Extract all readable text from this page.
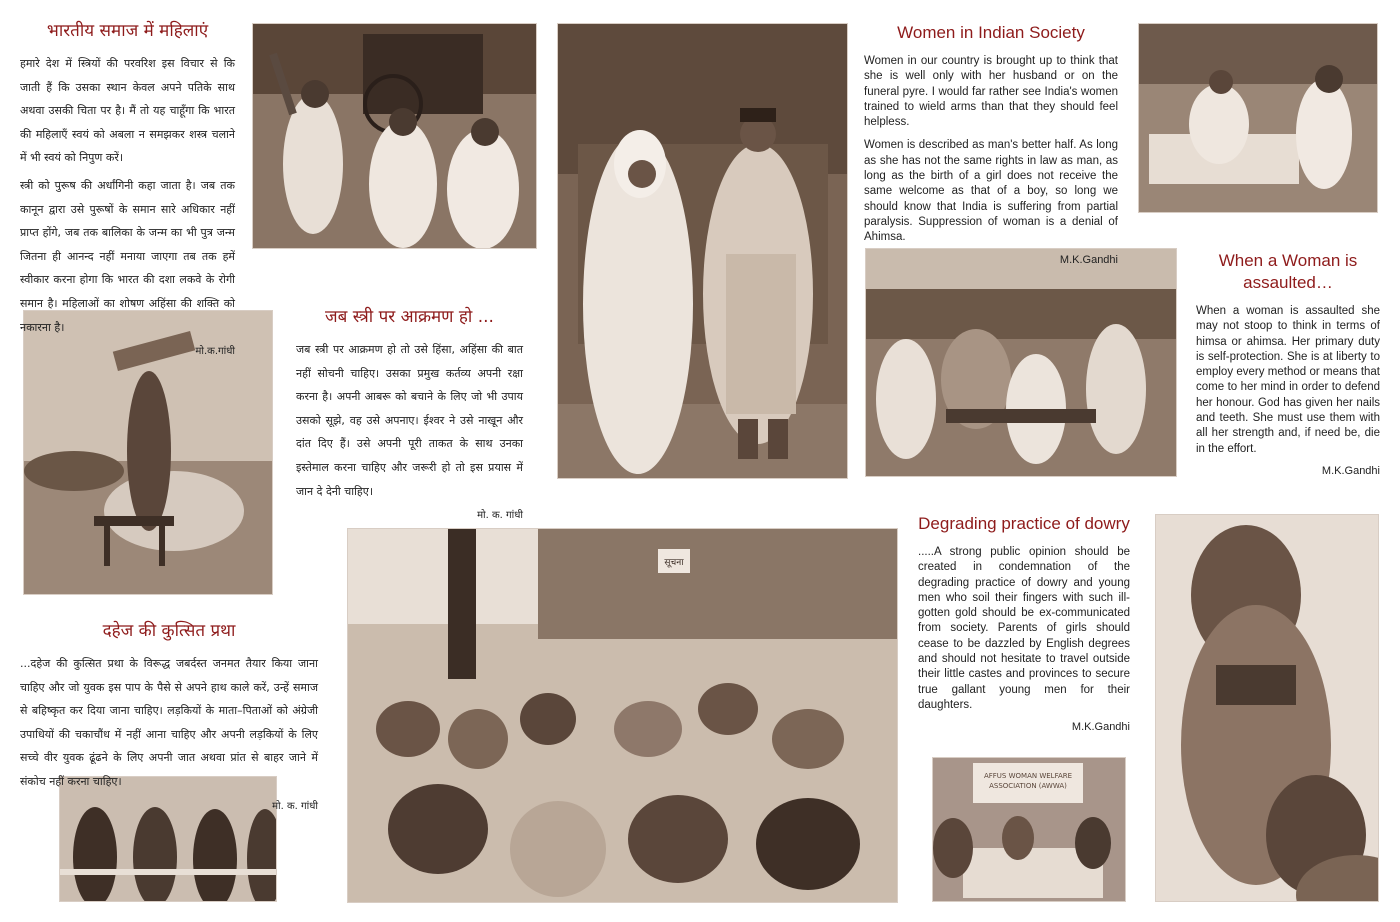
सूचना
AFFUS WOMAN WELFARE
ASSOCIATION (AWWA)
भारतीय समाज में महिलाएं

हमारे देश में स्त्रियों की परवरिश इस विचार से कि जाती हैं कि उसका स्थान केवल अपने पतिके साथ अथवा उसकी चिता पर है। मैं तो यह चाहूँगा कि भारत की महिलाएँ स्वयं को अबला न समझकर शस्त्र चलाने में भी स्वयं को निपुण करें।

स्त्री को पुरूष की अर्धांगिनी कहा जाता है। जब तक कानून द्वारा उसे पुरूषों के समान सारे अधिकार नहीं प्राप्त होंगे, जब तक बालिका के जन्म का भी पुत्र जन्म जितना ही आनन्द नहीं मनाया जाएगा तब तक हमें स्वीकार करना होगा कि भारत की दशा लकवे के रोगी समान है। महिलाओं का शोषण अहिंसा की शक्ति को नकारना है।

मो.क.गांधी

जब स्त्री पर आक्रमण हो ...

जब स्त्री पर आक्रमण हो तो उसे हिंसा, अहिंसा की बात नहीं सोचनी चाहिए। उसका प्रमुख कर्तव्य अपनी रक्षा करना है। अपनी आबरू को बचाने के लिए जो भी उपाय उसको सूझे, वह उसे अपनाए। ईश्वर ने उसे नाखून और दांत दिए हैं। उसे अपनी पूरी ताकत के साथ उनका इस्तेमाल करना चाहिए और जरूरी हो तो इस प्रयास में जान दे देनी चाहिए।

मो. क. गांधी

दहेज की कुत्सित प्रथा

...दहेज की कुत्सित प्रथा के विरूद्ध जबर्दस्त जनमत तैयार किया जाना चाहिए और जो युवक इस पाप के पैसे से अपने हाथ काले करें, उन्हें समाज से बहिष्कृत कर दिया जाना चाहिए। लड़कियों के माता–पिताओं को अंग्रेजी उपाधियों की चकाचौंध में नहीं आना चाहिए और अपनी लड़कियों के लिए सच्चे वीर युवक ढूंढने के लिए अपनी जात अथवा प्रांत से बाहर जाने में संकोच नहीं करना चाहिए।

मो. क. गांधी

Women in Indian Society

Women in our country is brought up to think that she is well only with her husband or on the funeral pyre. I would far rather see India's women trained to wield arms than that they should feel helpless.

Women is described as man's better half. As long as she has not the same rights in law as man, as long as the birth of a girl does not receive the same welcome as that of a boy, so long we should know that India is suffering from partial paralysis. Suppression of woman is a denial of Ahimsa.

M.K.Gandhi	When a Woman is assaulted…

When a woman is assaulted she may not stoop to think in terms of himsa or ahimsa. Her primary duty is self-protection. She is at liberty to employ every method or means that come to her mind in order to defend her honour. God has given her nails and teeth. She must use them with all her strength and, if need be, die in the effort.

M.K.Gandhi

Degrading practice of dowry

.....A strong public opinion should be created in condemnation of the degrading practice of dowry and young men who soil their fingers with such ill-gotten gold should be ex-communicated from society. Parents of girls should cease to be dazzled by English degrees and should not hesitate to travel outside their little castes and provinces to secure true gallant young men for their daughters.

M.K.Gandhi
